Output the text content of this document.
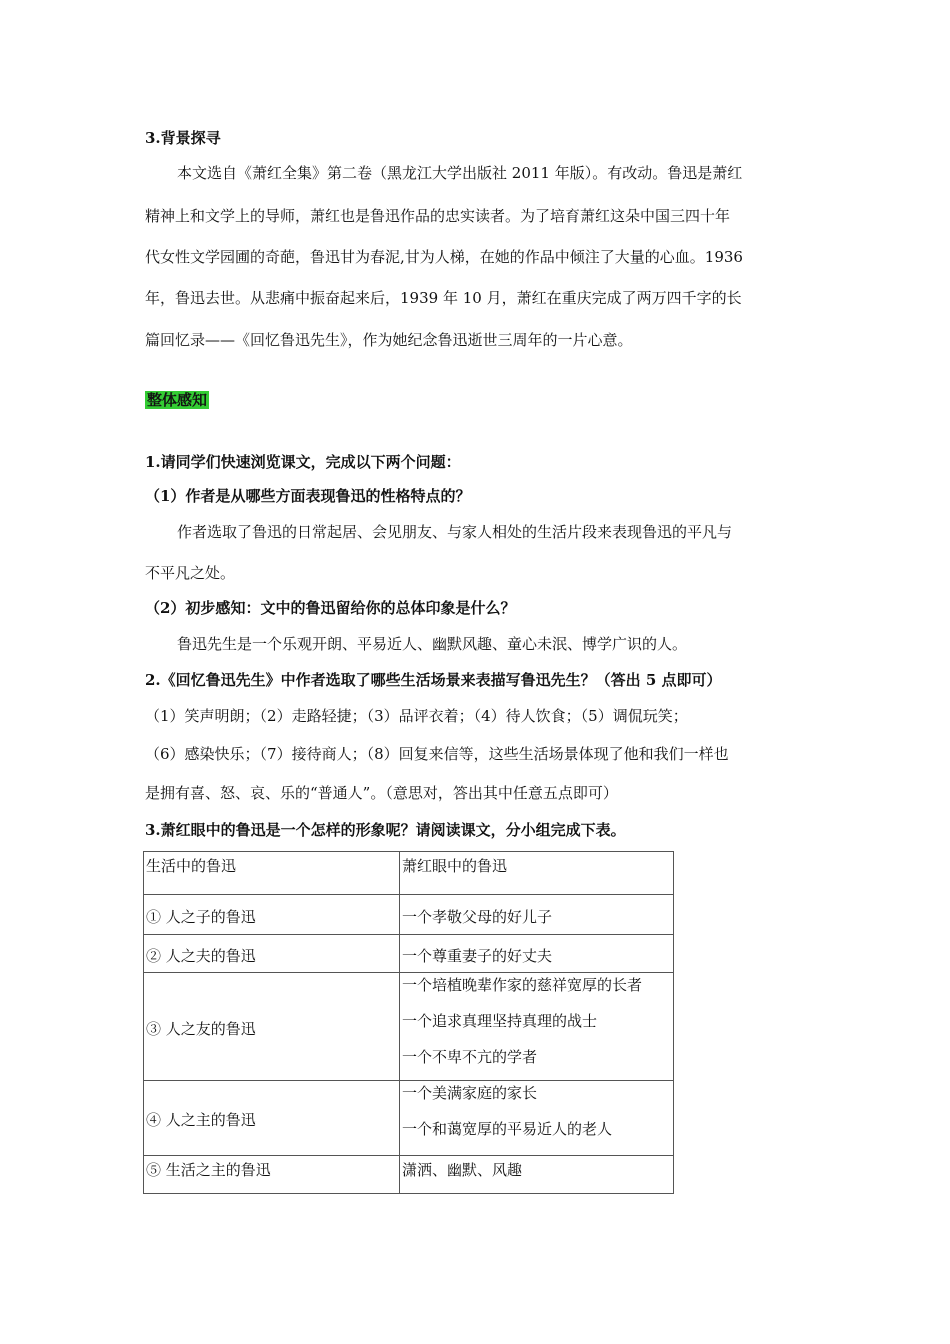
3.背景探寻
本文选自《萧红全集》第二卷（黑龙江大学出版社 2011 年版）。有改动。鲁迅是萧红
精神上和文学上的导师，萧红也是鲁迅作品的忠实读者。为了培育萧红这朵中国三四十年
代女性文学园圃的奇葩，鲁迅甘为春泥,甘为人梯，在她的作品中倾注了大量的心血。1936
年，鲁迅去世。从悲痛中振奋起来后，1939 年 10 月，萧红在重庆完成了两万四千字的长
篇回忆录——《回忆鲁迅先生》，作为她纪念鲁迅逝世三周年的一片心意。
整体感知
1.请同学们快速浏览课文，完成以下两个问题：
（1）作者是从哪些方面表现鲁迅的性格特点的？
作者选取了鲁迅的日常起居、会见朋友、与家人相处的生活片段来表现鲁迅的平凡与
不平凡之处。
（2）初步感知：文中的鲁迅留给你的总体印象是什么？
鲁迅先生是一个乐观开朗、平易近人、幽默风趣、童心未泯、博学广识的人。
2.《回忆鲁迅先生》中作者选取了哪些生活场景来表描写鲁迅先生？（答出 5 点即可）
（1）笑声明朗；（2）走路轻捷；（3）品评衣着；（4）待人饮食；（5）调侃玩笑；
（6）感染快乐；（7）接待商人；（8）回复来信等，这些生活场景体现了他和我们一样也
是拥有喜、怒、哀、乐的“普通人”。（意思对，答出其中任意五点即可）
3.萧红眼中的鲁迅是一个怎样的形象呢？请阅读课文，分小组完成下表。
生活中的鲁迅	萧红眼中的鲁迅
① 人之子的鲁迅	一个孝敬父母的好儿子

② 人之夫的鲁迅	一个尊重妻子的好丈夫

③ 人之友的鲁迅	一个培植晚辈作家的慈祥宽厚的长者
一个追求真理坚持真理的战士
一个不卑不亢的学者

④ 人之主的鲁迅	一个美满家庭的家长
一个和蔼宽厚的平易近人的老人

⑤ 生活之主的鲁迅	潇洒、幽默、风趣
